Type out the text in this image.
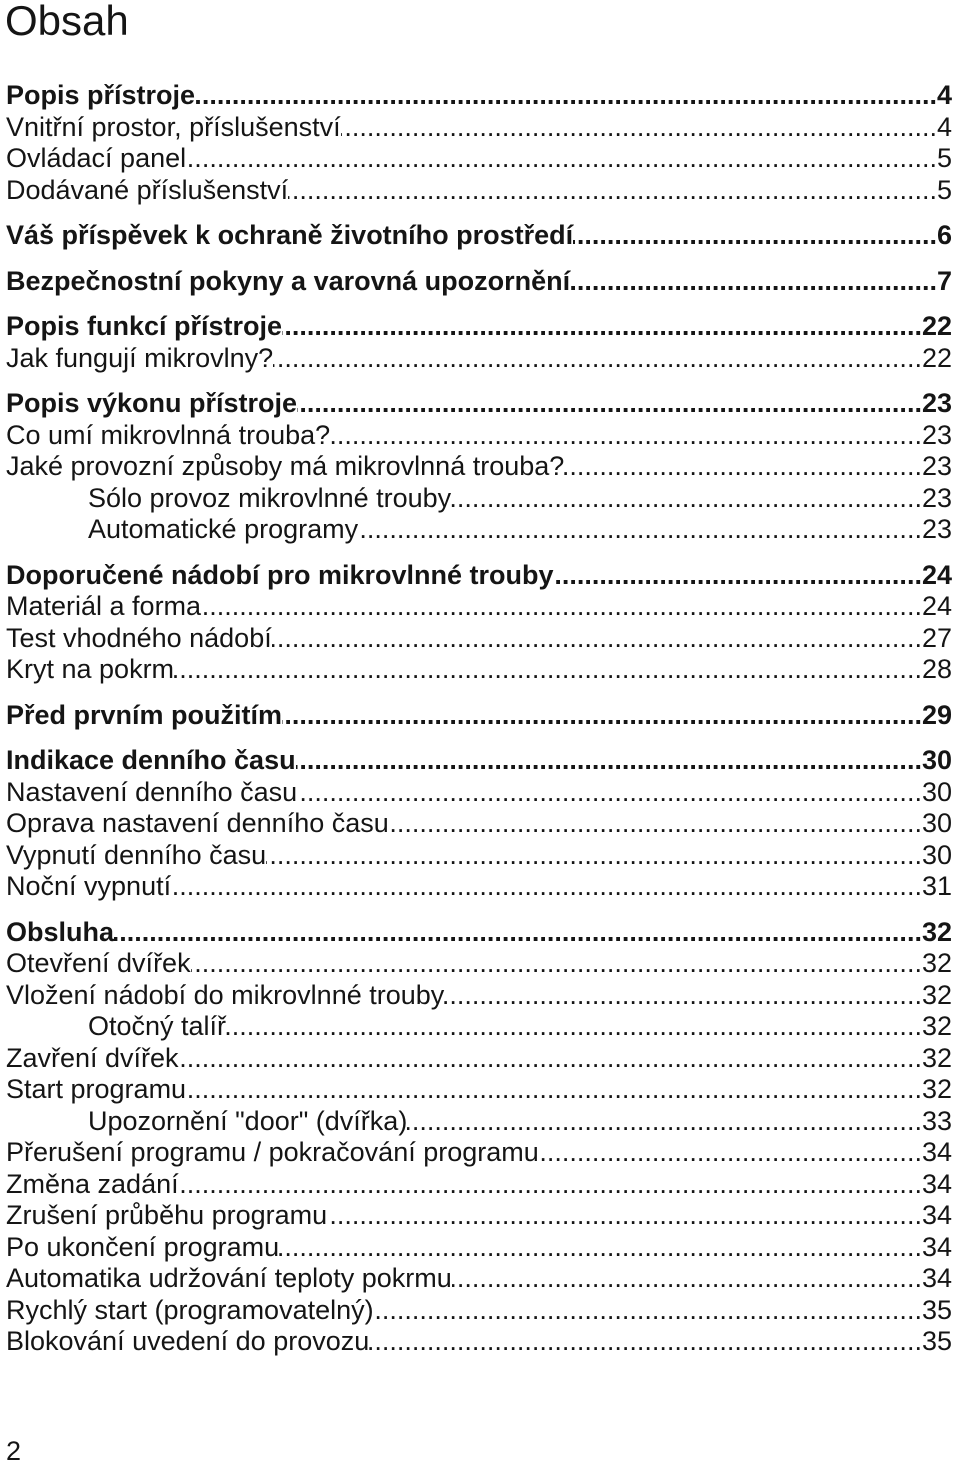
Obsah
Popis přístroje .....	4
Vnitřní prostor, příslušenství .....	4
Ovládací panel .....	5
Dodávané příslušenství .....	5
Váš příspěvek k ochraně životního prostředí .....	6
Bezpečnostní pokyny a varovná upozornění .....	7
Popis funkcí přístroje .....	22
Jak fungují mikrovlny? .....	22
Popis výkonu přístroje .....	23
Co umí mikrovlnná trouba? .....	23
Jaké provozní způsoby má mikrovlnná trouba? .....	23
Sólo provoz mikrovlnné trouby .....	23
Automatické programy .....	23
Doporučené nádobí pro mikrovlnné trouby .....	24
Materiál a forma .....	24
Test vhodného nádobí .....	27
Kryt na pokrm .....	28
Před prvním použitím .....	29
Indikace denního času .....	30
Nastavení denního času .....	30
Oprava nastavení denního času .....	30
Vypnutí denního času .....	30
Noční vypnutí .....	31
Obsluha .....	32
Otevření dvířek .....	32
Vložení nádobí do mikrovlnné trouby .....	32
Otočný talíř .....	32
Zavření dvířek .....	32
Start programu .....	32
Upozornění "door" (dvířka) .....	33
Přerušení programu / pokračování programu .....	34
Změna zadání .....	34
Zrušení průběhu programu .....	34
Po ukončení programu .....	34
Automatika udržování teploty pokrmu .....	34
Rychlý start (programovatelný) .....	35
Blokování uvedení do provozu .....	35
2
